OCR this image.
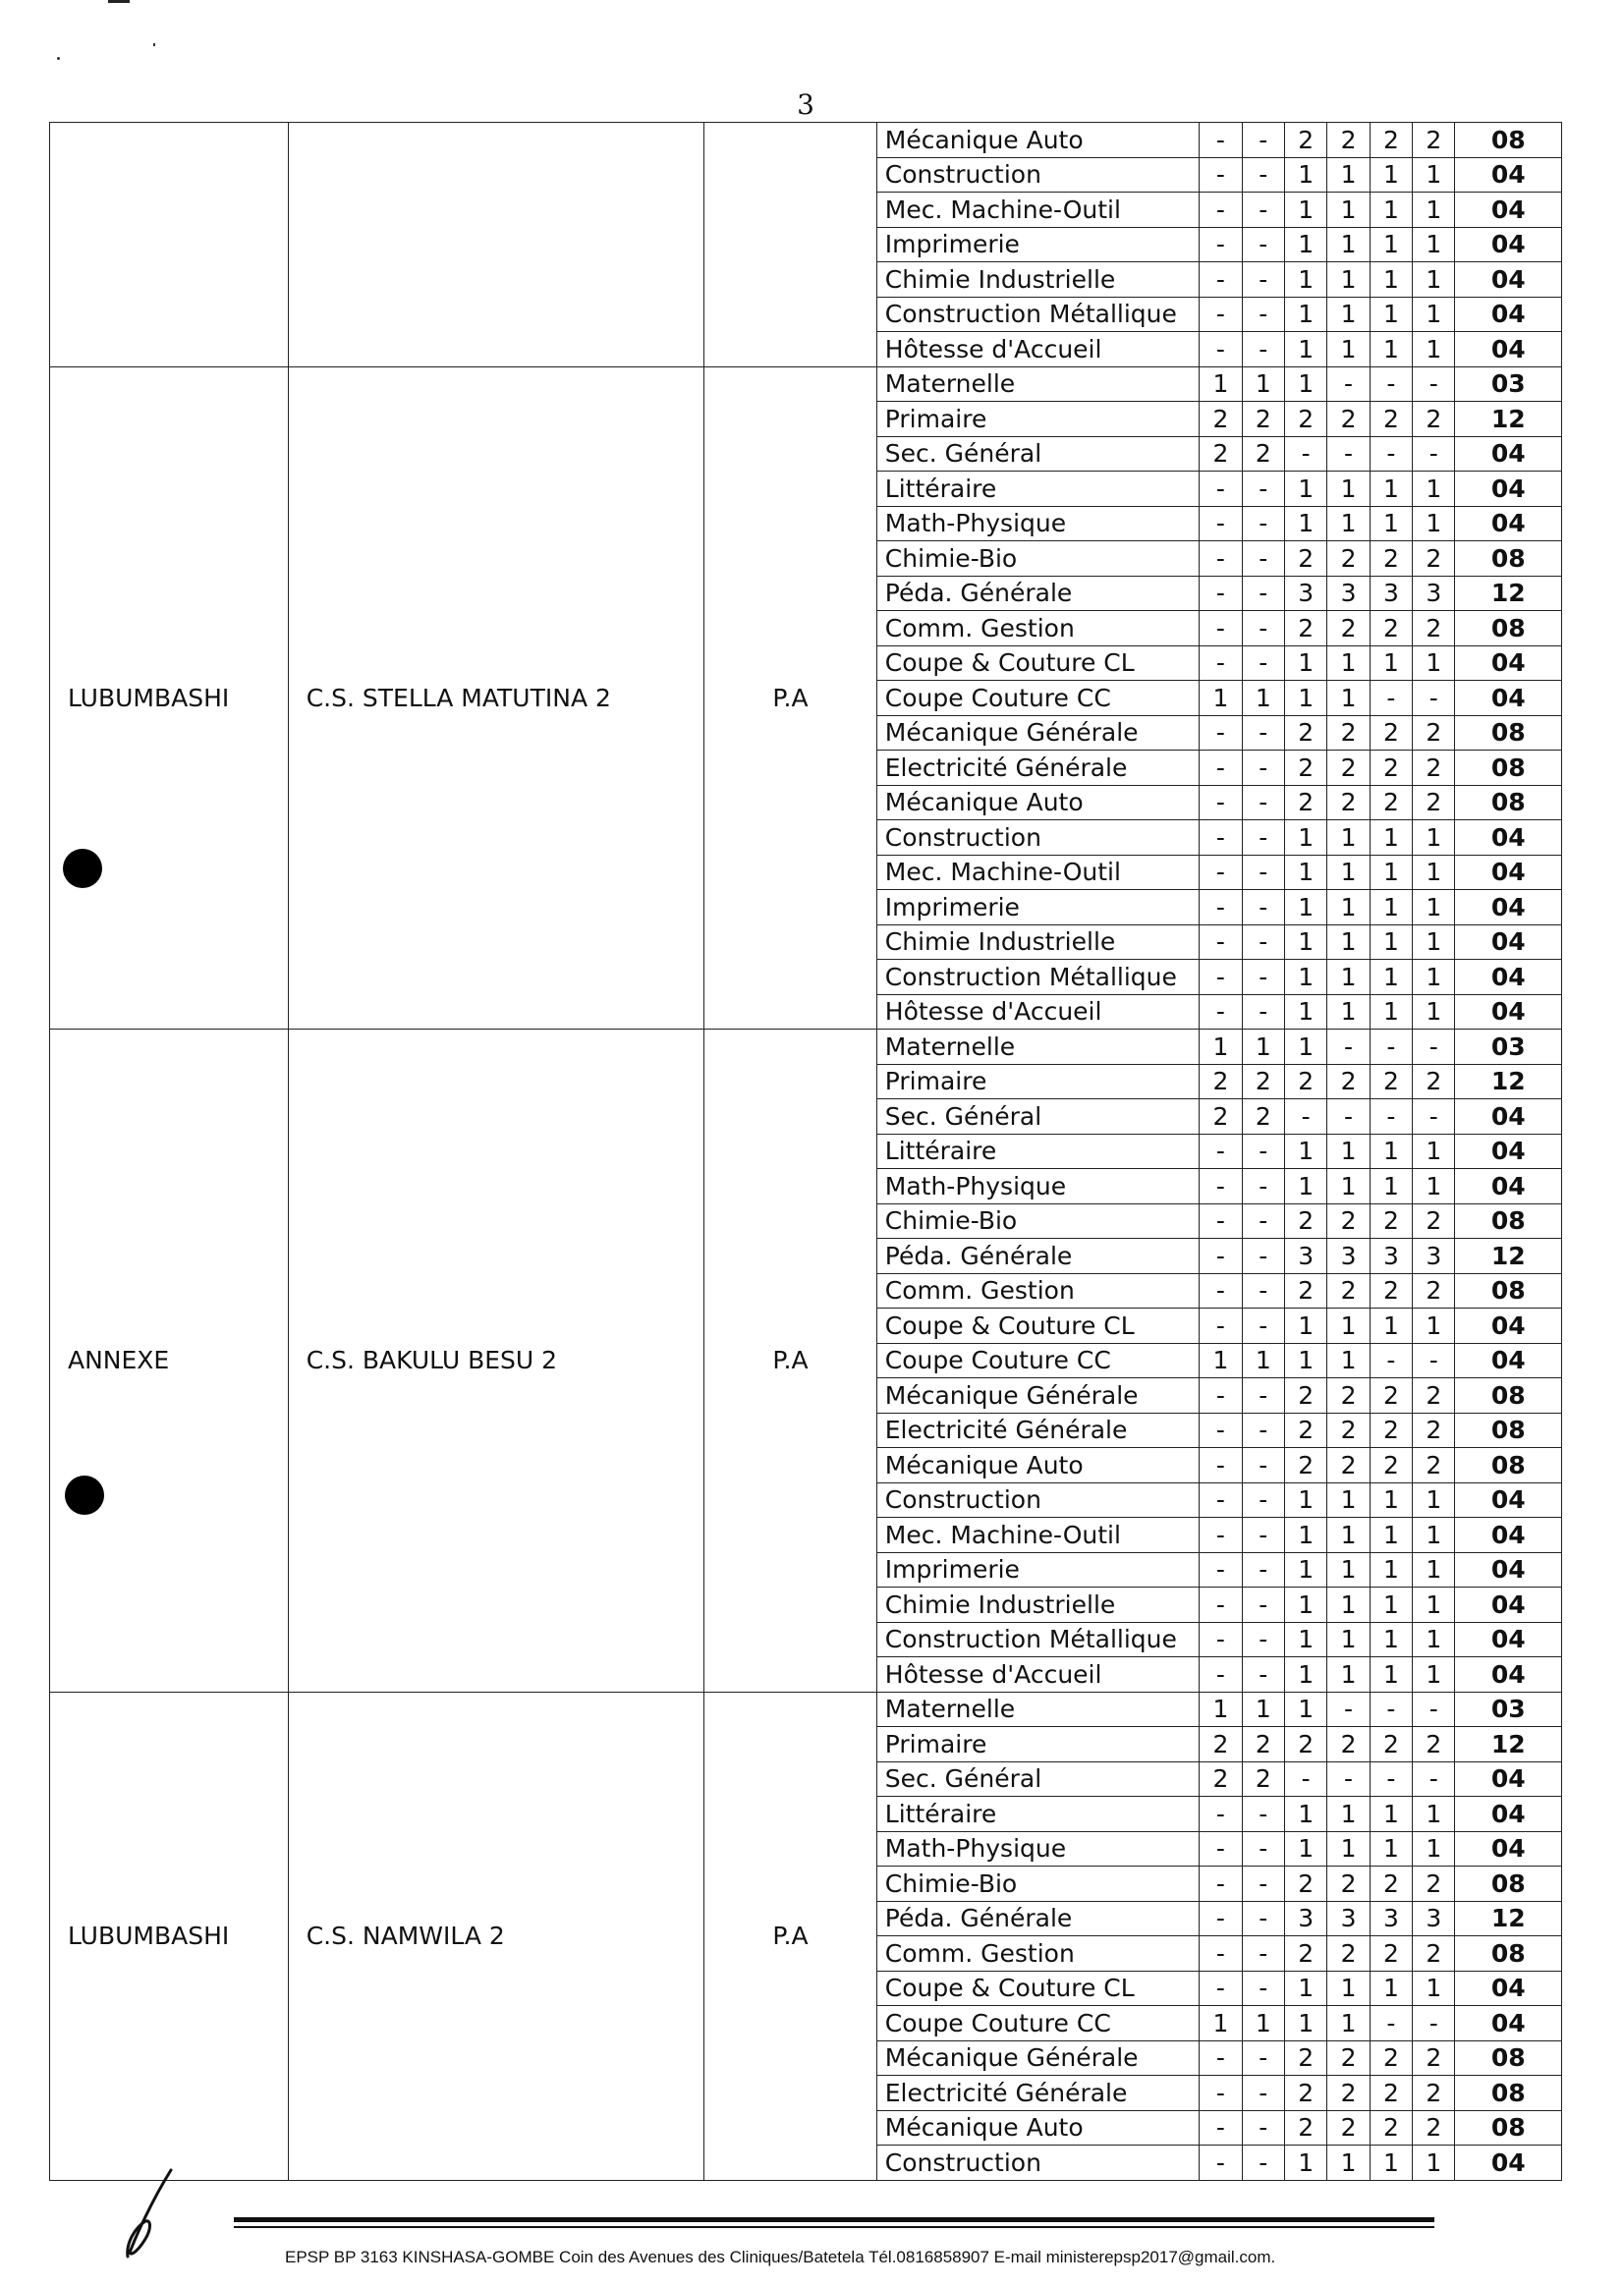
3
			Mécanique Auto	-	-	2	2	2	2	08
			Construction	-	-	1	1	1	1	04
			Mec. Machine-Outil	-	-	1	1	1	1	04
			Imprimerie	-	-	1	1	1	1	04
			Chimie Industrielle	-	-	1	1	1	1	04
			Construction Métallique	-	-	1	1	1	1	04
			Hôtesse d'Accueil	-	-	1	1	1	1	04
LUBUMBASHI	C.S. STELLA MATUTINA 2	P.A	Maternelle	1	1	1	-	-	-	03
			Primaire	2	2	2	2	2	2	12
			Sec. Général	2	2	-	-	-	-	04
			Littéraire	-	-	1	1	1	1	04
			Math-Physique	-	-	1	1	1	1	04
			Chimie-Bio	-	-	2	2	2	2	08
			Péda. Générale	-	-	3	3	3	3	12
			Comm. Gestion	-	-	2	2	2	2	08
			Coupe & Couture CL	-	-	1	1	1	1	04
			Coupe Couture CC	1	1	1	1	-	-	04
			Mécanique Générale	-	-	2	2	2	2	08
			Electricité Générale	-	-	2	2	2	2	08
			Mécanique Auto	-	-	2	2	2	2	08
			Construction	-	-	1	1	1	1	04
			Mec. Machine-Outil	-	-	1	1	1	1	04
			Imprimerie	-	-	1	1	1	1	04
			Chimie Industrielle	-	-	1	1	1	1	04
			Construction Métallique	-	-	1	1	1	1	04
			Hôtesse d'Accueil	-	-	1	1	1	1	04
ANNEXE	C.S. BAKULU BESU 2	P.A	Maternelle	1	1	1	-	-	-	03
			Primaire	2	2	2	2	2	2	12
			Sec. Général	2	2	-	-	-	-	04
			Littéraire	-	-	1	1	1	1	04
			Math-Physique	-	-	1	1	1	1	04
			Chimie-Bio	-	-	2	2	2	2	08
			Péda. Générale	-	-	3	3	3	3	12
			Comm. Gestion	-	-	2	2	2	2	08
			Coupe & Couture CL	-	-	1	1	1	1	04
			Coupe Couture CC	1	1	1	1	-	-	04
			Mécanique Générale	-	-	2	2	2	2	08
			Electricité Générale	-	-	2	2	2	2	08
			Mécanique Auto	-	-	2	2	2	2	08
			Construction	-	-	1	1	1	1	04
			Mec. Machine-Outil	-	-	1	1	1	1	04
			Imprimerie	-	-	1	1	1	1	04
			Chimie Industrielle	-	-	1	1	1	1	04
			Construction Métallique	-	-	1	1	1	1	04
			Hôtesse d'Accueil	-	-	1	1	1	1	04
LUBUMBASHI	C.S. NAMWILA 2	P.A	Maternelle	1	1	1	-	-	-	03
			Primaire	2	2	2	2	2	2	12
			Sec. Général	2	2	-	-	-	-	04
			Littéraire	-	-	1	1	1	1	04
			Math-Physique	-	-	1	1	1	1	04
			Chimie-Bio	-	-	2	2	2	2	08
			Péda. Générale	-	-	3	3	3	3	12
			Comm. Gestion	-	-	2	2	2	2	08
			Coupe & Couture CL	-	-	1	1	1	1	04
			Coupe Couture CC	1	1	1	1	-	-	04
			Mécanique Générale	-	-	2	2	2	2	08
			Electricité Générale	-	-	2	2	2	2	08
			Mécanique Auto	-	-	2	2	2	2	08
			Construction	-	-	1	1	1	1	04
EPSP BP 3163 KINSHASA-GOMBE Coin des Avenues des Cliniques/Batetela Tél.0816858907 E-mail ministerepsp2017@gmail.com.
